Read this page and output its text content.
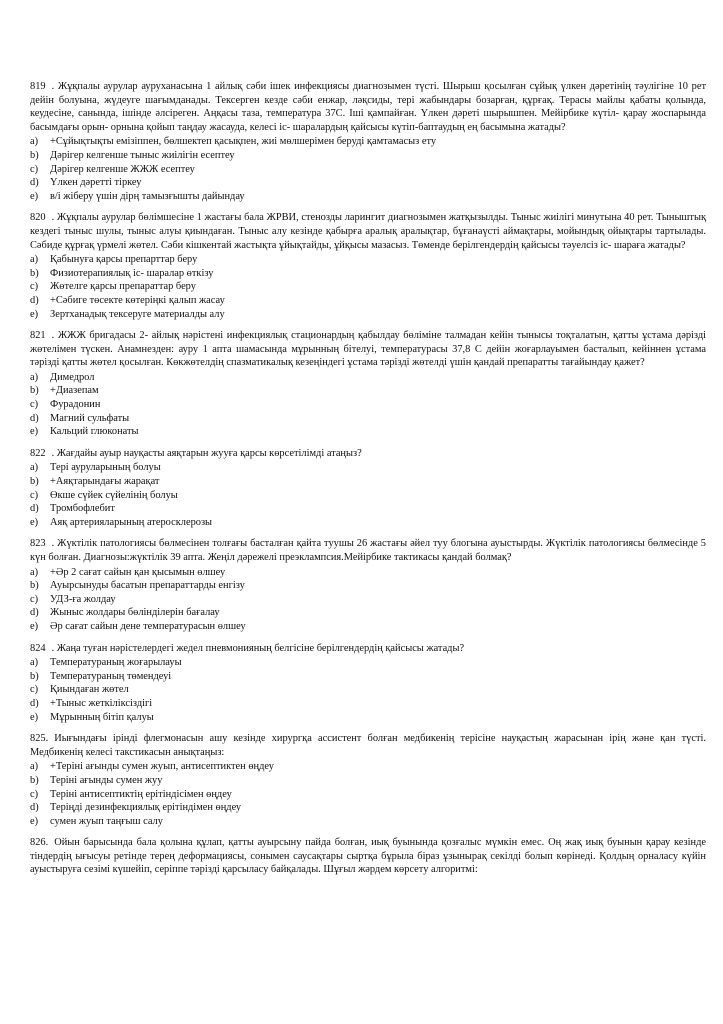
819 . Жұқпалы аурулар ауруханасына 1 айлық сәби ішек инфекциясы диагнозымен түсті. Шырыш қосылған сұйық үлкен дәретінің тәулігіне 10 рет дейін болуына, жүдеуге шағымданады. Тексерген кезде сәби енжар, ләқсиды, тері жабындары бозарған, құрғақ. Терасы майлы қабаты қолында, кеудесіне, санында, ішінде әлсіреген. Аңқасы таза, температура 37С. Іші қампайған. Үлкен дәреті шырышпен. Мейірбике күтіл- қарау жоспарында басымдағы орын- орнына қойып таңдау жасауда, келесі іс- шаралардың қайсысы күтіп-баптаудың ең басымына жатады?
a)	+Сұйықтықты емізіппен, бөлшектеп қасықпен, жиі мөлшерімен беруді қамтамасыз ету
b)	Дәрігер келгенше тыныс жиілігін есептеу
c)	Дәрігер келгенше ЖЖЖ есептеу
d)	Үлкен дәретті тіркеу
e)	в/і жіберу үшін дірң тамызғышты дайындау
820 . Жұқпалы аурулар бөлімшесіне 1 жастағы бала ЖРВИ, стенозды ларингит диагнозымен жатқызылды. Тыныс жиілігі минутына 40 рет. Тыныштық кездегі тыныс шулы, тыныс алуы қиындаған. Тыныс алу кезінде қабырға аралық аралықтар, бұғанаүсті аймақтары, мойындық ойықтары тартылады. Сәбиде құрғақ үрмелі жөтел. Сәби кішкентай жастықта ұйықтайды, ұйқысы мазасыз. Төменде берілгендердің қайсысы тәуелсіз іс- шараға жатады?
a)	Қабынуға қарсы препарттар беру
b)	Физиотерапиялық іс- шаралар өткізу
c)	Жөтелге қарсы препараттар беру
d)	+Сәбиге төсекте көтеріңкі қалып жасау
e)	Зертханадық тексеруге материалды алу
821 . ЖЖЖ бригадасы 2- айлық нәрістені инфекциялық стационардың қабылдау бөліміне талмадан кейін тынысы тоқталатын, қатты ұстама дәрізді жөтелімен түскен. Анамнезден: ауру 1 апта шамасында мұрынның бітелуі, температурасы 37,8 С дейін жоғарлауымен басталып, кейіннен ұстама тәрізді қатты жөтел қосылған. Көкжөтелдің спазматикалық кезеңіндегі ұстама тәрізді жөтелді үшін қандай препаратты тағайындау қажет?
a)	Димедрол
b)	+Диазепам
c)	Фурадонин
d)	Магний сульфаты
e)	Кальций глюконаты
822 . Жағдайы ауыр науқасты аяқтарын жууға қарсы көрсетілімді атаңыз?
a)	Тері ауруларының болуы
b)	+Аяқтарындағы жарақат
c)	Өкше сүйек сүйелінің болуы
d)	Тромбофлебит
e)	Аяқ артерияларының атеросклерозы
823 . Жүктілік патологиясы бөлмесінен толғағы басталған қайта туушы 26 жастағы әйел туу блогына ауыстырды. Жүктілік патологиясы бөлмесінде 5 күн болған. Диагнозы:жүктілік 39 апта. Жеңіл дәрежелі преэклампсия.Мейірбике тактикасы қандай болмақ?
a)	+Әр 2 сағат сайын қан қысымын өлшеу
b)	Ауырсынуды басатын препараттарды енгізу
c)	УДЗ-ға жолдау
d)	Жыныс жолдары бөлінділерін бағалау
e)	Әр сағат сайын дене температурасын өлшеу
824 . Жаңа туған нәрістелердегі жедел пневмонияның белгісіне берілгендердің қайсысы жатады?
a)	Температураның жоғарылауы
b)	Температураның төмендеуі
c)	Қиындаған жөтел
d)	+Тыныс жеткіліксіздігі
e)	Мұрынның бітіп қалуы
825. Иығындағы ірінді флегмонасын ашу кезінде хирургқа ассистент болған медбикенің терісіне науқастың жарасынан ірің және қан түсті. Медбикенің келесі такстикасын анықтаңыз:
a)	+Теріні ағынды сумен жуып, антисептиктен өңдеу
b)	Теріні ағынды сумен жуу
c)	Теріні антисептиктің ерітіндісімен өңдеу
d)	Теріңді дезинфекциялық ерітіндімен өңдеу
e)	сумен жуып таңғыш салу
826. Ойын барысында бала қолына құлап, қатты ауырсыну пайда болған, иық буынында қозғалыс мүмкін емес. Оң жақ иық буынын қарау кезінде тіндердің ығысуы ретінде терең деформациясы, сонымен саусақтары сыртқа бұрыла біраз ұзынырақ секілді болып көрінеді. Қолдың орналасу күйін ауыстыруға сезімі күшейіп, серіппе тәрізді қарсыласу байқалады. Шұғыл жәрдем көрсету алгоритмі:
